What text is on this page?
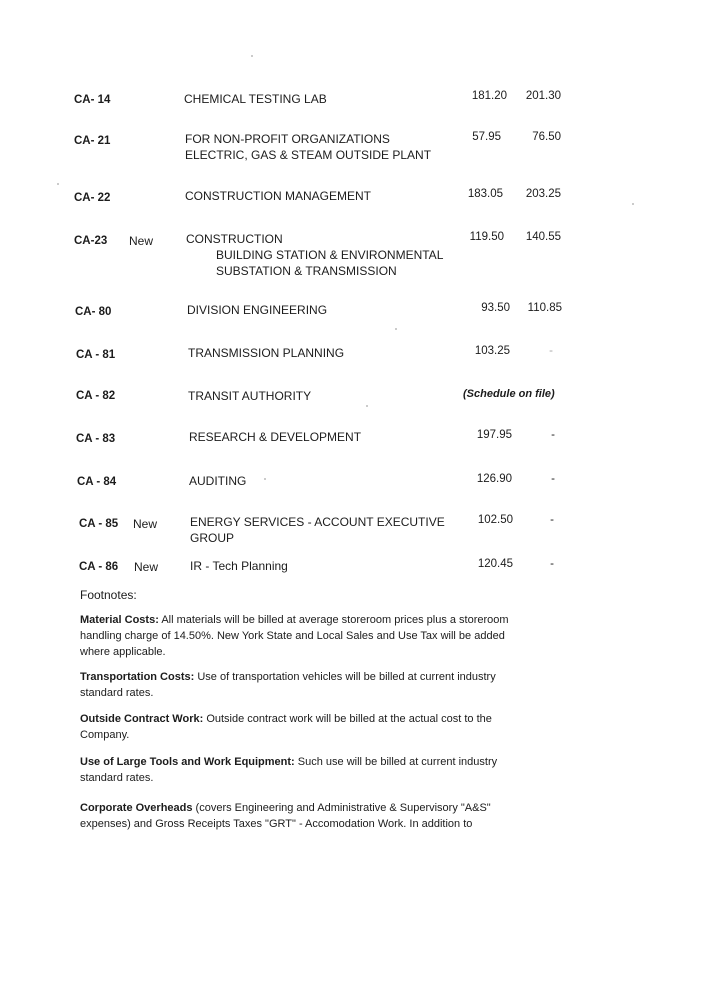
CA- 14	CHEMICAL TESTING LAB	181.20	201.30
CA- 21	FOR NON-PROFIT ORGANIZATIONS
ELECTRIC, GAS & STEAM OUTSIDE PLANT
57.95	76.50
CA- 22	CONSTRUCTION MANAGEMENT	183.05	203.25
CA-23 New	CONSTRUCTION
BUILDING STATION & ENVIRONMENTAL
SUBSTATION & TRANSMISSION
119.50	140.55
CA- 80	DIVISION ENGINEERING	93.50	110.85
CA - 81	TRANSMISSION PLANNING	103.25	-
CA - 82	TRANSIT AUTHORITY	(Schedule on file)
CA - 83	RESEARCH & DEVELOPMENT	197.95	-
CA - 84	AUDITING	126.90	-
CA - 85 New	ENERGY SERVICES - ACCOUNT EXECUTIVE
GROUP
102.50	-
CA - 86 New	IR - Tech Planning	120.45	-
Footnotes:
Material Costs: All materials will be billed at average storeroom prices plus a storeroom handling charge of 14.50%. New York State and Local Sales and Use Tax will be added where applicable.
Transportation Costs: Use of transportation vehicles will be billed at current industry standard rates.
Outside Contract Work: Outside contract work will be billed at the actual cost to the Company.
Use of Large Tools and Work Equipment: Such use will be billed at current industry standard rates.
Corporate Overheads (covers Engineering and Administrative & Supervisory "A&S" expenses) and Gross Receipts Taxes "GRT" - Accomodation Work. In addition to
